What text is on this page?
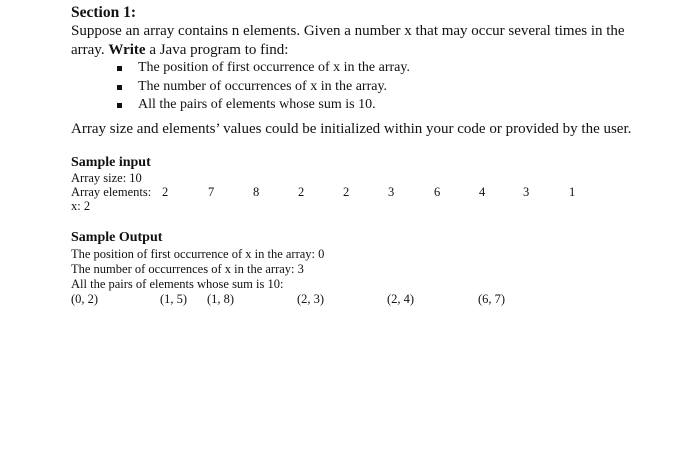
Section 1:
Suppose an array contains n elements. Given a number x that may occur several times in the
array. Write a Java program to find:
The position of first occurrence of x in the array.
The number of occurrences of x in the array.
All the pairs of elements whose sum is 10.
Array size and elements’ values could be initialized within your code or provided by the user.
Sample input
Array size: 10
Array elements: 2	7	8	2	2	3	6	4	3	1
x: 2
Sample Output
The position of first occurrence of x in the array: 0
The number of occurrences of x in the array: 3
All the pairs of elements whose sum is 10:
(0, 2)	(1, 5) (1, 8)	(2, 3)	(2, 4)	(6, 7)
